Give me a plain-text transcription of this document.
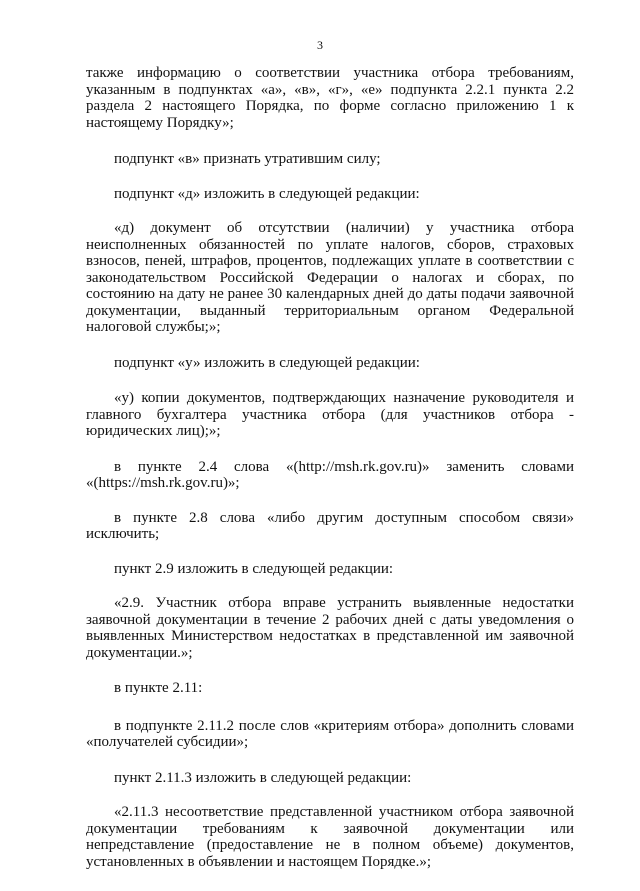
3

также информацию о соответствии участника отбора требованиям, указанным в подпунктах «а», «в», «г», «е» подпункта 2.2.1 пункта 2.2 раздела 2 настоящего Порядка, по форме согласно приложению 1 к настоящему Порядку»;

подпункт «в» признать утратившим силу;

подпункт «д» изложить в следующей редакции:

«д) документ об отсутствии (наличии) у участника отбора неисполненных обязанностей по уплате налогов, сборов, страховых взносов, пеней, штрафов, процентов, подлежащих уплате в соответствии с законодательством Российской Федерации о налогах и сборах, по состоянию на дату не ранее 30 календарных дней до даты подачи заявочной документации, выданный территориальным органом Федеральной налоговой службы;»;

подпункт «у» изложить в следующей редакции:

«у) копии документов, подтверждающих назначение руководителя и главного бухгалтера участника отбора (для участников отбора - юридических лиц);»;

в пункте 2.4 слова «(http://msh.rk.gov.ru)» заменить словами «(https://msh.rk.gov.ru)»;

в пункте 2.8 слова «либо другим доступным способом связи» исключить;

пункт 2.9 изложить в следующей редакции:

«2.9. Участник отбора вправе устранить выявленные недостатки заявочной документации в течение 2 рабочих дней с даты уведомления о выявленных Министерством недостатках в представленной им заявочной документации.»;

в пункте 2.11:

в подпункте 2.11.2 после слов «критериям отбора» дополнить словами «получателей субсидии»;

пункт 2.11.3 изложить в следующей редакции:

«2.11.3 несоответствие представленной участником отбора заявочной документации требованиям к заявочной документации или непредставление (предоставление не в полном объеме) документов, установленных в объявлении и настоящем Порядке.»;
